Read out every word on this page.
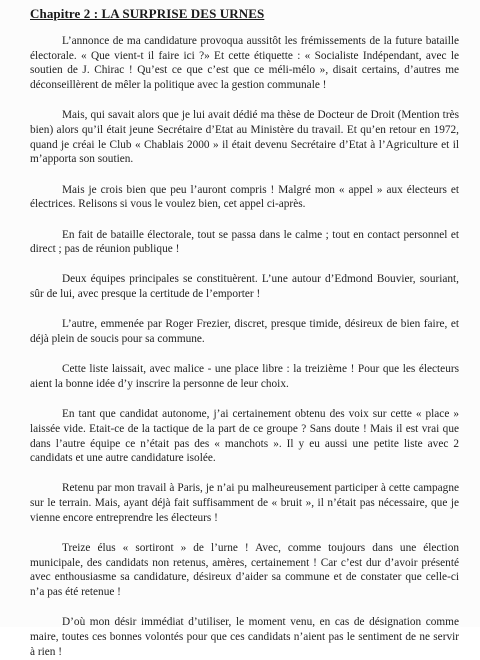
Chapitre 2 : LA SURPRISE DES URNES

L’annonce de ma candidature provoqua aussitôt les frémissements de la future bataille électorale. « Que vient-t il faire ici ?» Et cette étiquette : « Socialiste Indépendant, avec le soutien de J. Chirac ! Qu’est ce que c’est que ce méli-mélo », disait certains, d’autres me déconseillèrent de mêler la politique avec la gestion communale !

Mais, qui savait alors que je lui avait dédié ma thèse de Docteur de Droit (Mention très bien) alors qu’il était jeune Secrétaire d’Etat au Ministère du travail. Et qu’en retour en 1972, quand je créai le Club « Chablais 2000 » il était devenu Secrétaire d’Etat à l’Agriculture et il m’apporta son soutien.

Mais je crois bien que peu l’auront compris ! Malgré mon « appel » aux électeurs et électrices. Relisons si vous le voulez bien, cet appel ci-après.

En fait de bataille électorale, tout se passa dans le calme ; tout en contact personnel et direct ; pas de réunion publique !

Deux équipes principales se constituèrent. L’une autour d’Edmond Bouvier, souriant, sûr de lui, avec presque la certitude de l’emporter !

L’autre, emmenée par Roger Frezier, discret, presque timide, désireux de bien faire, et déjà plein de soucis pour sa commune.

Cette liste laissait, avec malice - une place libre : la treizième ! Pour que les électeurs aient la bonne idée d’y inscrire la personne de leur choix.

En tant que candidat autonome, j’ai certainement obtenu des voix sur cette « place » laissée vide. Etait-ce de la tactique de la part de ce groupe ? Sans doute ! Mais il est vrai que dans l’autre équipe ce n’était pas des « manchots ». Il y eu aussi une petite liste avec 2 candidats et une autre candidature isolée.

Retenu par mon travail à Paris, je n’ai pu malheureusement participer à cette campagne sur le terrain. Mais, ayant déjà fait suffisamment de « bruit », il n’était pas nécessaire, que je vienne encore entreprendre les électeurs !

Treize élus « sortiront » de l’urne ! Avec, comme toujours dans une élection municipale, des candidats non retenus, amères, certainement ! Car c’est dur d’avoir présenté avec enthousiasme sa candidature, désireux d’aider sa commune et de constater que celle-ci n’a pas été retenue !

D’où mon désir immédiat d’utiliser, le moment venu, en cas de désignation comme maire, toutes ces bonnes volontés pour que ces candidats n’aient pas le sentiment de ne servir à rien !
